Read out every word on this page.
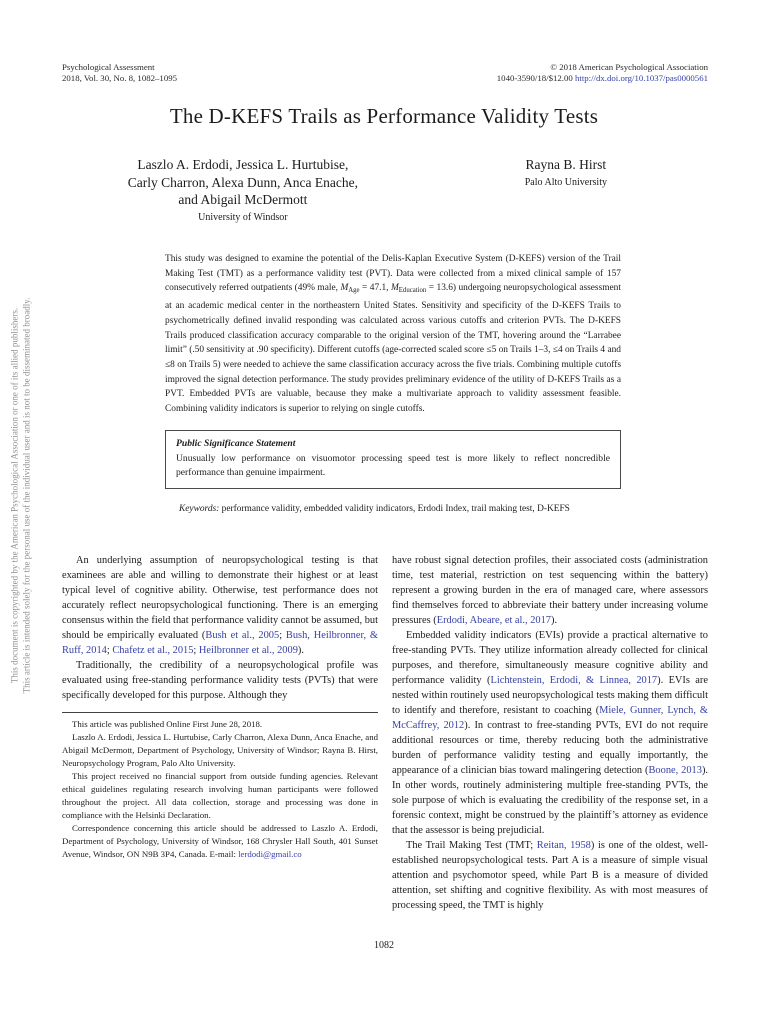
This document is copyrighted by the American Psychological Association or one of its allied publishers. This article is intended solely for the personal use of the individual user and is not to be disseminated broadly.
Psychological Assessment
2018, Vol. 30, No. 8, 1082–1095
© 2018 American Psychological Association
1040-3590/18/$12.00 http://dx.doi.org/10.1037/pas0000561
The D-KEFS Trails as Performance Validity Tests
Laszlo A. Erdodi, Jessica L. Hurtubise,
Carly Charron, Alexa Dunn, Anca Enache,
and Abigail McDermott
University of Windsor
Rayna B. Hirst
Palo Alto University
This study was designed to examine the potential of the Delis-Kaplan Executive System (D-KEFS) version of the Trail Making Test (TMT) as a performance validity test (PVT). Data were collected from a mixed clinical sample of 157 consecutively referred outpatients (49% male, $M_{Age} = 47.1$, $M_{Education} = 13.6$) undergoing neuropsychological assessment at an academic medical center in the northeastern United States. Sensitivity and specificity of the D-KEFS Trails to psychometrically defined invalid responding was calculated across various cutoffs and criterion PVTs. The D-KEFS Trails produced classification accuracy comparable to the original version of the TMT, hovering around the “Larrabee limit” (.50 sensitivity at .90 specificity). Different cutoffs (age-corrected scaled score ≤5 on Trails 1–3, ≤4 on Trails 4 and ≤8 on Trails 5) were needed to achieve the same classification accuracy across the five trials. Combining multiple cutoffs improved the signal detection performance. The study provides preliminary evidence of the utility of D-KEFS Trails as a PVT. Embedded PVTs are valuable, because they make a multivariate approach to validity assessment feasible. Combining validity indicators is superior to relying on single cutoffs.
Public Significance Statement
Unusually low performance on visuomotor processing speed test is more likely to reflect noncredible performance than genuine impairment.
Keywords: performance validity, embedded validity indicators, Erdodi Index, trail making test, D-KEFS

An underlying assumption of neuropsychological testing is that examinees are able and willing to demonstrate their highest or at least typical level of cognitive ability. Otherwise, test performance does not accurately reflect neuropsychological functioning. There is an emerging consensus within the field that performance validity cannot be assumed, but should be empirically evaluated (Bush et al., 2005; Bush, Heilbronner, & Ruff, 2014; Chafetz et al., 2015; Heilbronner et al., 2009).

Traditionally, the credibility of a neuropsychological profile was evaluated using free-standing performance validity tests (PVTs) that were specifically developed for this purpose. Although they

This article was published Online First June 28, 2018.

Laszlo A. Erdodi, Jessica L. Hurtubise, Carly Charron, Alexa Dunn, Anca Enache, and Abigail McDermott, Department of Psychology, University of Windsor; Rayna B. Hirst, Neuropsychology Program, Palo Alto University.

This project received no financial support from outside funding agencies. Relevant ethical guidelines regulating research involving human participants were followed throughout the project. All data collection, storage and processing was done in compliance with the Helsinki Declaration.

Correspondence concerning this article should be addressed to Laszlo A. Erdodi, Department of Psychology, University of Windsor, 168 Chrysler Hall South, 401 Sunset Avenue, Windsor, ON N9B 3P4, Canada. E-mail: lerdodi@gmail.co

have robust signal detection profiles, their associated costs (administration time, test material, restriction on test sequencing within the battery) represent a growing burden in the era of managed care, where assessors find themselves forced to abbreviate their battery under increasing volume pressures (Erdodi, Abeare, et al., 2017).

Embedded validity indicators (EVIs) provide a practical alternative to free-standing PVTs. They utilize information already collected for clinical purposes, and therefore, simultaneously measure cognitive ability and performance validity (Lichtenstein, Erdodi, & Linnea, 2017). EVIs are nested within routinely used neuropsychological tests making them difficult to identify and therefore, resistant to coaching (Miele, Gunner, Lynch, & McCaffrey, 2012). In contrast to free-standing PVTs, EVI do not require additional resources or time, thereby reducing both the administrative burden of performance validity testing and equally importantly, the appearance of a clinician bias toward malingering detection (Boone, 2013). In other words, routinely administering multiple free-standing PVTs, the sole purpose of which is evaluating the credibility of the response set, in a forensic context, might be construed by the plaintiff’s attorney as evidence that the assessor is being prejudicial.

The Trail Making Test (TMT; Reitan, 1958) is one of the oldest, well-established neuropsychological tests. Part A is a measure of simple visual attention and psychomotor speed, while Part B is a measure of divided attention, set shifting and cognitive flexibility. As with most measures of processing speed, the TMT is highly

1082
